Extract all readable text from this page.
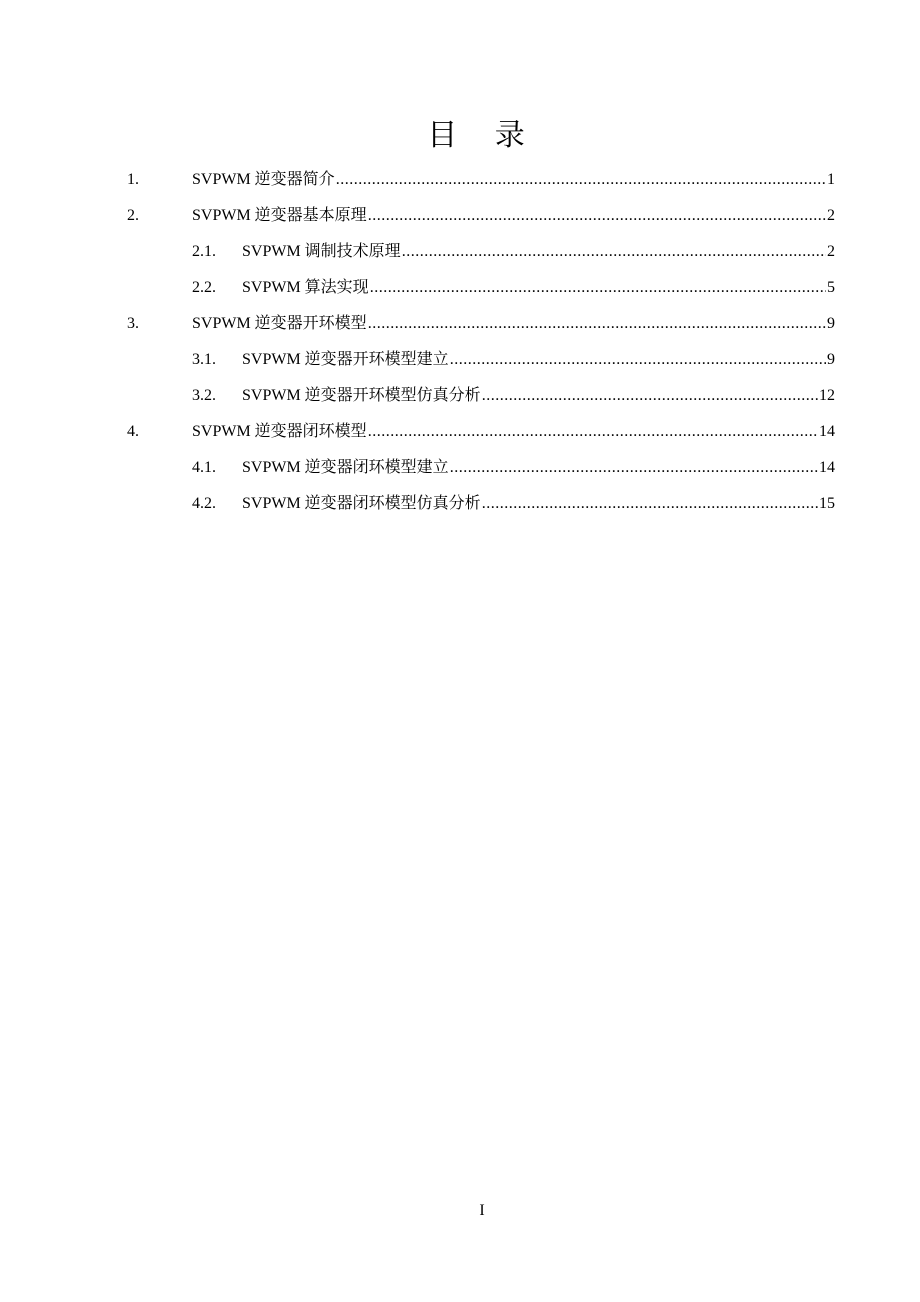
目 录
1.	SVPWM 逆变器简介 .....	1
2.	SVPWM 逆变器基本原理 .....	2
2.1.	SVPWM 调制技术原理 .....	2
2.2.	SVPWM 算法实现 .....	5
3.	SVPWM 逆变器开环模型 .....	9
3.1.	SVPWM 逆变器开环模型建立 .....	9
3.2.	SVPWM 逆变器开环模型仿真分析 .....	12
4.	SVPWM 逆变器闭环模型 .....	14
4.1.	SVPWM 逆变器闭环模型建立 .....	14
4.2.	SVPWM 逆变器闭环模型仿真分析 .....	15
I
